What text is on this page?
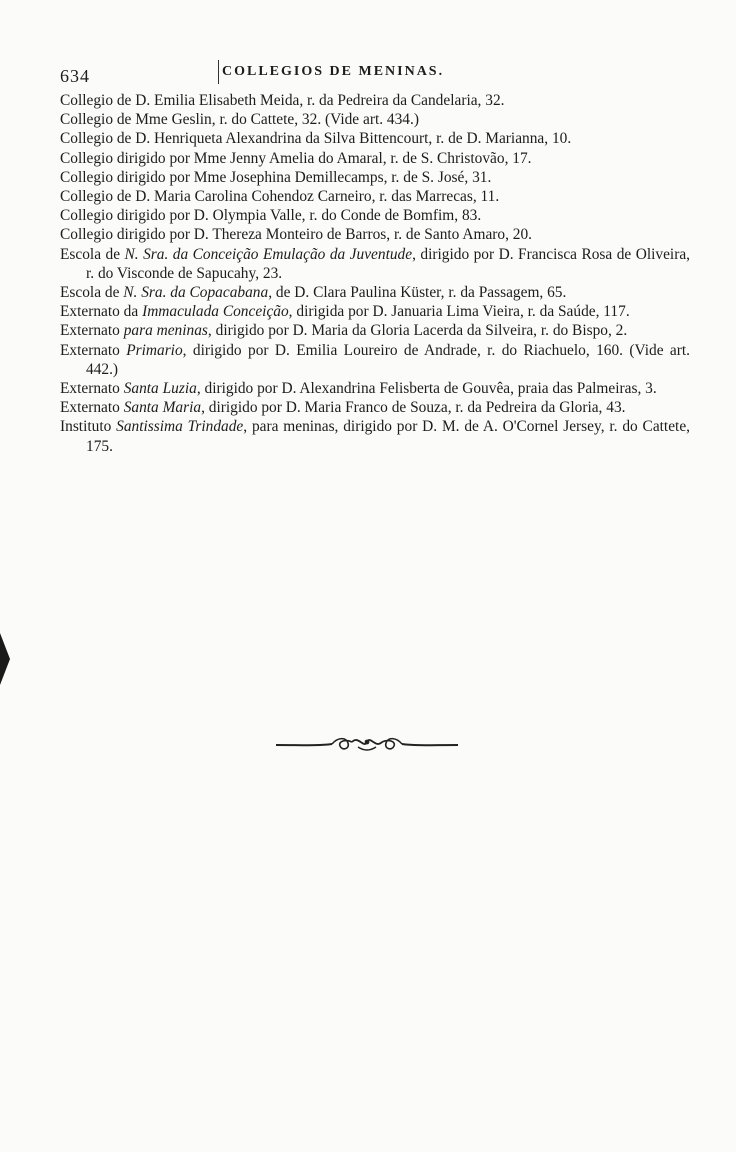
634	COLLEGIOS DE MENINAS.
Collegio de D. Emilia Elisabeth Meida, r. da Pedreira da Candelaria, 32.
Collegio de Mme Geslin, r. do Cattete, 32. (Vide art. 434.)
Collegio de D. Henriqueta Alexandrina da Silva Bittencourt, r. de D. Marianna, 10.
Collegio dirigido por Mme Jenny Amelia do Amaral, r. de S. Christovão, 17.
Collegio dirigido por Mme Josephina Demillecamps, r. de S. José, 31.
Collegio de D. Maria Carolina Cohendoz Carneiro, r. das Marrecas, 11.
Collegio dirigido por D. Olympia Valle, r. do Conde de Bomfim, 83.
Collegio dirigido por D. Thereza Monteiro de Barros, r. de Santo Amaro, 20.
Escola de N. Sra. da Conceição Emulação da Juventude, dirigido por D. Francisca Rosa de Oliveira, r. do Visconde de Sapucahy, 23.
Escola de N. Sra. da Copacabana, de D. Clara Paulina Küster, r. da Passagem, 65.
Externato da Immaculada Conceição, dirigida por D. Januaria Lima Vieira, r. da Saúde, 117.
Externato para meninas, dirigido por D. Maria da Gloria Lacerda da Silveira, r. do Bispo, 2.
Externato Primario, dirigido por D. Emilia Loureiro de Andrade, r. do Riachuelo, 160. (Vide art. 442.)
Externato Santa Luzia, dirigido por D. Alexandrina Felisberta de Gouvêa, praia das Palmeiras, 3.
Externato Santa Maria, dirigido por D. Maria Franco de Souza, r. da Pedreira da Gloria, 43.
Instituto Santissima Trindade, para meninas, dirigido por D. M. de A. O'Cornel Jersey, r. do Cattete, 175.
